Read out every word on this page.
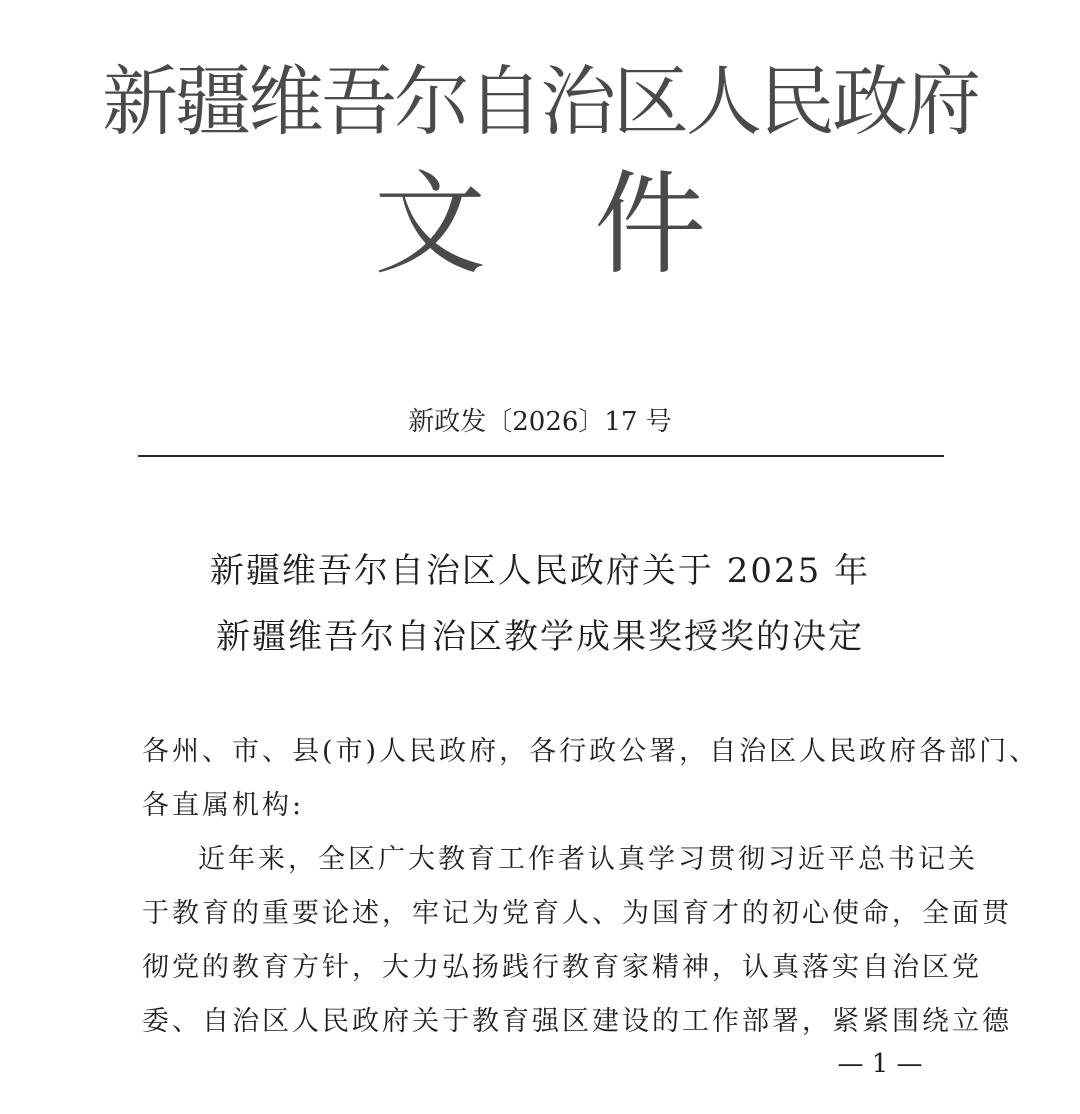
新疆维吾尔自治区人民政府
文 件
新政发〔2026〕17 号
新疆维吾尔自治区人民政府关于 2025 年
新疆维吾尔自治区教学成果奖授奖的决定
各州、市、县(市)人民政府，各行政公署，自治区人民政府各部门、
各直属机构:
近年来，全区广大教育工作者认真学习贯彻习近平总书记关
于教育的重要论述，牢记为党育人、为国育才的初心使命，全面贯
彻党的教育方针，大力弘扬践行教育家精神，认真落实自治区党
委、自治区人民政府关于教育强区建设的工作部署，紧紧围绕立德
— 1 —
